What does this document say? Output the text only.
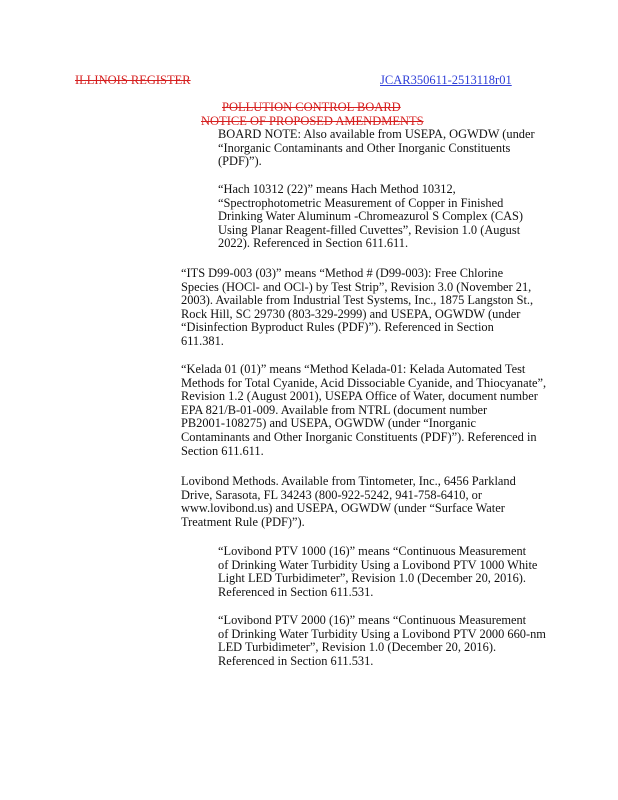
ILLINOIS REGISTER	JCAR350611-2513118r01
POLLUTION CONTROL BOARD
NOTICE OF PROPOSED AMENDMENTS
BOARD NOTE: Also available from USEPA, OGWDW (under
“Inorganic Contaminants and Other Inorganic Constituents
(PDF)”).
“Hach 10312 (22)” means Hach Method 10312,
“Spectrophotometric Measurement of Copper in Finished
Drinking Water Aluminum -Chromeazurol S Complex (CAS)
Using Planar Reagent-filled Cuvettes”, Revision 1.0 (August
2022). Referenced in Section 611.611.
“ITS D99-003 (03)” means “Method # (D99-003): Free Chlorine
Species (HOCl- and OCl-) by Test Strip”, Revision 3.0 (November 21,
2003). Available from Industrial Test Systems, Inc., 1875 Langston St.,
Rock Hill, SC 29730 (803-329-2999) and USEPA, OGWDW (under
“Disinfection Byproduct Rules (PDF)”). Referenced in Section
611.381.
“Kelada 01 (01)” means “Method Kelada-01: Kelada Automated Test
Methods for Total Cyanide, Acid Dissociable Cyanide, and Thiocyanate”,
Revision 1.2 (August 2001), USEPA Office of Water, document number
EPA 821/B-01-009. Available from NTRL (document number
PB2001-108275) and USEPA, OGWDW (under “Inorganic
Contaminants and Other Inorganic Constituents (PDF)”). Referenced in
Section 611.611.
Lovibond Methods. Available from Tintometer, Inc., 6456 Parkland
Drive, Sarasota, FL 34243 (800-922-5242, 941-758-6410, or
www.lovibond.us) and USEPA, OGWDW (under “Surface Water
Treatment Rule (PDF)”).
“Lovibond PTV 1000 (16)” means “Continuous Measurement
of Drinking Water Turbidity Using a Lovibond PTV 1000 White
Light LED Turbidimeter”, Revision 1.0 (December 20, 2016).
Referenced in Section 611.531.
“Lovibond PTV 2000 (16)” means “Continuous Measurement
of Drinking Water Turbidity Using a Lovibond PTV 2000 660-nm
LED Turbidimeter”, Revision 1.0 (December 20, 2016).
Referenced in Section 611.531.
